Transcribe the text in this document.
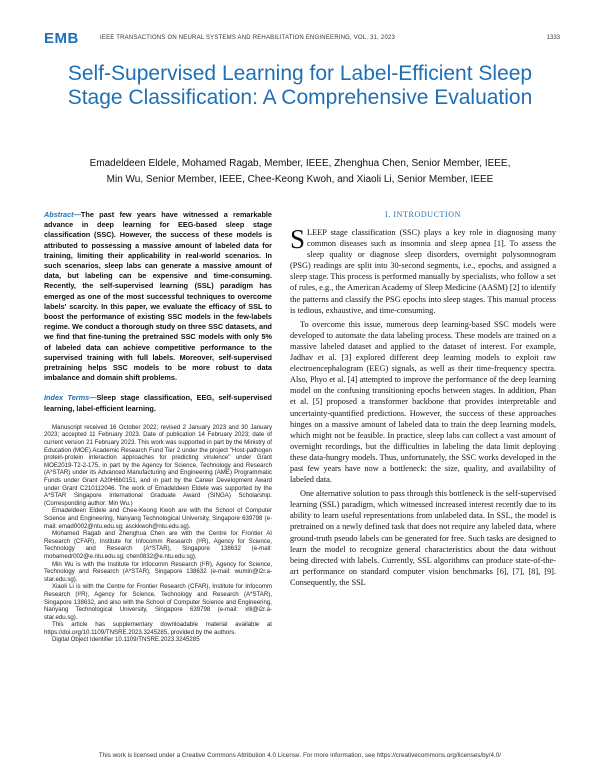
EMB	IEEE TRANSACTIONS ON NEURAL SYSTEMS AND REHABILITATION ENGINEERING, VOL. 31, 2023	1333
Self-Supervised Learning for Label-Efficient Sleep Stage Classification: A Comprehensive Evaluation
Emadeldeen Eldele, Mohamed Ragab, Member, IEEE, Zhenghua Chen, Senior Member, IEEE,
Min Wu, Senior Member, IEEE, Chee-Keong Kwoh, and Xiaoli Li, Senior Member, IEEE

Abstract—The past few years have witnessed a remarkable advance in deep learning for EEG-based sleep stage classification (SSC). However, the success of these models is attributed to possessing a massive amount of labeled data for training, limiting their applicability in real-world scenarios. In such scenarios, sleep labs can generate a massive amount of data, but labeling can be expensive and time-consuming. Recently, the self-supervised learning (SSL) paradigm has emerged as one of the most successful techniques to overcome labels' scarcity. In this paper, we evaluate the efficacy of SSL to boost the performance of existing SSC models in the few-labels regime. We conduct a thorough study on three SSC datasets, and we find that fine-tuning the pretrained SSC models with only 5% of labeled data can achieve competitive performance to the supervised training with full labels. Moreover, self-supervised pretraining helps SSC models to be more robust to data imbalance and domain shift problems.

Index Terms—Sleep stage classification, EEG, self-supervised learning, label-efficient learning.

Manuscript received 16 October 2022; revised 2 January 2023 and 30 January 2023; accepted 11 February 2023. Date of publication 14 February 2023; date of current version 21 February 2023. This work was supported in part by the Ministry of Education (MOE) Academic Research Fund Tier 2 under the project "Host-pathogen protein-protein interaction approaches for predicting virulence" under Grant MOE2019-T2-2-175, in part by the Agency for Science, Technology and Research (A*STAR) under its Advanced Manufacturing and Engineering (AME) Programmatic Funds under Grant A20H6b0151, and in part by the Career Development Award under Grant C210112046. The work of Emadeldeen Eldele was supported by the A*STAR Singapore International Graduate Award (SINGA) Scholarship. (Corresponding author: Min Wu.)

Emadeldeen Eldele and Chee-Keong Kwoh are with the School of Computer Science and Engineering, Nanyang Technological University, Singapore 639798 (e-mail: emad0002@ntu.edu.sg; asckkwoh@ntu.edu.sg).

Mohamed Ragab and Zhenghua Chen are with the Centre for Frontier AI Research (CFAR), Institute for Infocomm Research (I²R), Agency for Science, Technology and Research (A*STAR), Singapore 138632 (e-mail: mohamedr002@e.ntu.edu.sg; chen0832@e.ntu.edu.sg).

Min Wu is with the Institute for Infocomm Research (I²R), Agency for Science, Technology and Research (A*STAR), Singapore 138632 (e-mail: wumin@i2r.a-star.edu.sg).

Xiaoli Li is with the Centre for Frontier Research (CFAR), Institute for Infocomm Research (I²R), Agency for Science, Technology and Research (A*STAR), Singapore 138632, and also with the School of Computer Science and Engineering, Nanyang Technological University, Singapore 639798 (e-mail: xlli@i2r.a-star.edu.sg).

This article has supplementary downloadable material available at https://doi.org/10.1109/TNSRE.2023.3245285, provided by the authors.

Digital Object Identifier 10.1109/TNSRE.2023.3245285

I. INTRODUCTION

SLEEP stage classification (SSC) plays a key role in diagnosing many common diseases such as insomnia and sleep apnea [1]. To assess the sleep quality or diagnose sleep disorders, overnight polysomnogram (PSG) readings are split into 30-second segments, i.e., epochs, and assigned a sleep stage. This process is performed manually by specialists, who follow a set of rules, e.g., the American Academy of Sleep Medicine (AASM) [2] to identify the patterns and classify the PSG epochs into sleep stages. This manual process is tedious, exhaustive, and time-consuming.

To overcome this issue, numerous deep learning-based SSC models were developed to automate the data labeling process. These models are trained on a massive labeled dataset and applied to the dataset of interest. For example, Jadhav et al. [3] explored different deep learning models to exploit raw electroencephalogram (EEG) signals, as well as their time-frequency spectra. Also, Phyo et al. [4] attempted to improve the performance of the deep learning model on the confusing transitioning epochs between stages. In addition, Phan et al. [5] proposed a transformer backbone that provides interpretable and uncertainty-quantified predictions. However, the success of these approaches hinges on a massive amount of labeled data to train the deep learning models, which might not be feasible. In practice, sleep labs can collect a vast amount of overnight recordings, but the difficulties in labeling the data limit deploying these data-hungry models. Thus, unfortunately, the SSC works developed in the past few years have now a bottleneck: the size, quality, and availability of labeled data.

One alternative solution to pass through this bottleneck is the self-supervised learning (SSL) paradigm, which witnessed increased interest recently due to its ability to learn useful representations from unlabeled data. In SSL, the model is pretrained on a newly defined task that does not require any labeled data, where ground-truth pseudo labels can be generated for free. Such tasks are designed to learn the model to recognize general characteristics about the data without being directed with labels. Currently, SSL algorithms can produce state-of-the-art performance on standard computer vision benchmarks [6], [7], [8], [9]. Consequently, the SSL

This work is licensed under a Creative Commons Attribution 4.0 License. For more information, see https://creativecommons.org/licenses/by/4.0/
